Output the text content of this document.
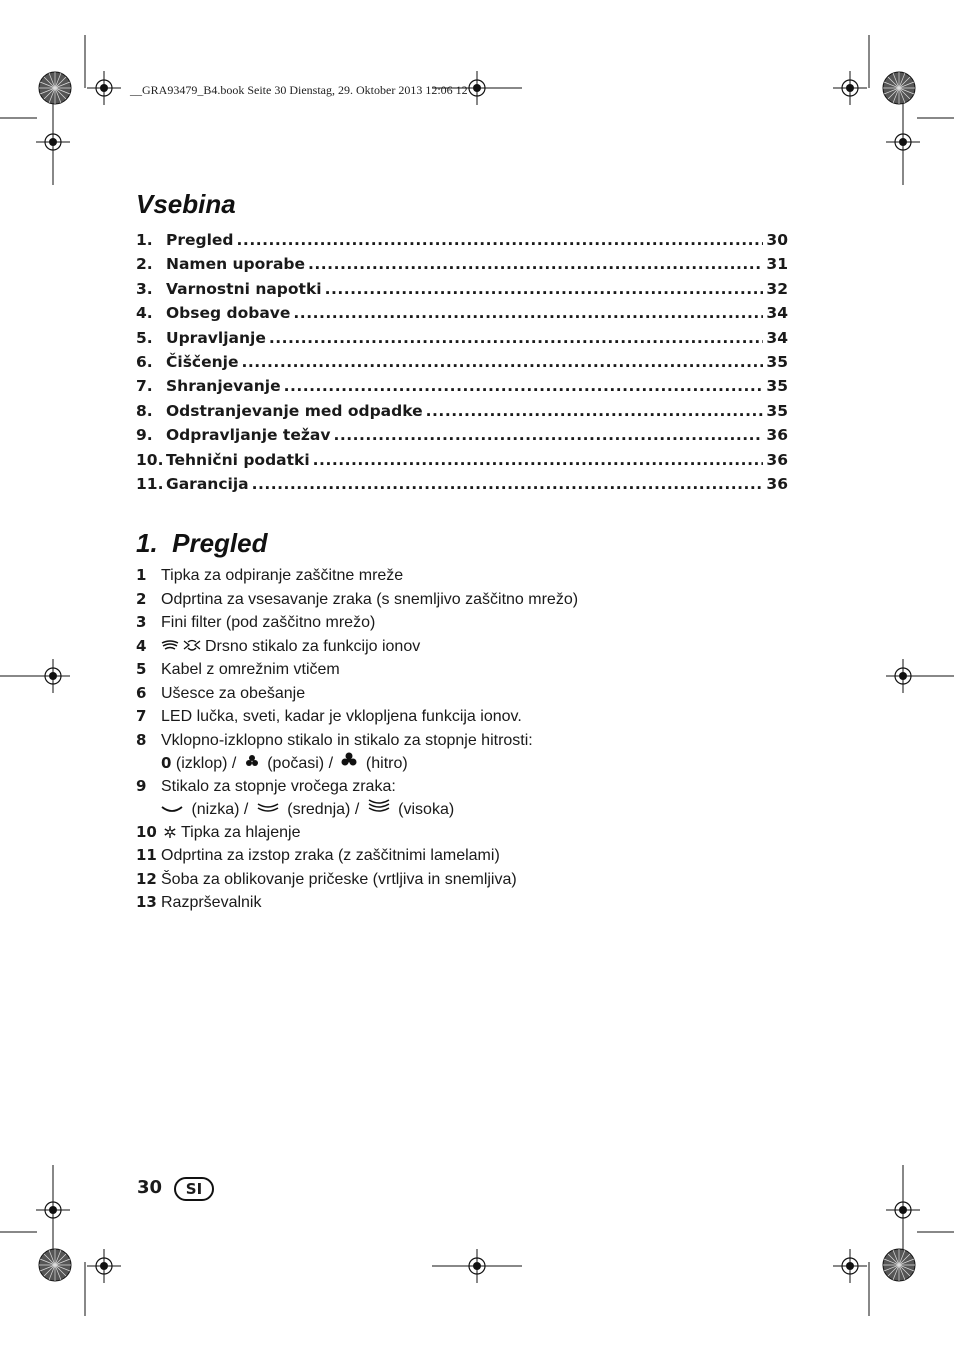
__GRA93479_B4.book Seite 30 Dienstag, 29. Oktober 2013 12:06 12
Vsebina
1. Pregled .....	30
2. Namen uporabe .....	31
3. Varnostni napotki .....	32
4. Obseg dobave .....	34
5. Upravljanje .....	34
6. Čiščenje .....	35
7. Shranjevanje .....	35
8. Odstranjevanje med odpadke .....	35
9. Odpravljanje težav .....	36
10. Tehnični podatki .....	36
11. Garancija .....	36
1.  Pregled
1 Tipka za odpiranje zaščitne mreže
2 Odprtina za vsesavanje zraka (s snemljivo zaščitno mrežo)
3 Fini filter (pod zaščitno mrežo)
4	Drsno stikalo za funkcijo ionov
5 Kabel z omrežnim vtičem
6 Ušesce za obešanje
7 LED lučka, sveti, kadar je vklopljena funkcija ionov.
8 Vklopno-izklopno stikalo in stikalo za stopnje hitrosti:
0 (izklop) / (počasi) / (hitro)
9 Stikalo za stopnje vročega zraka:
(nizka) / (srednja) / (visoka)
10	Tipka za hlajenje
11 Odprtina za izstop zraka (z zaščitnimi lamelami)
12 Šoba za oblikovanje pričeske (vrtljiva in snemljiva)
13 Razprševalnik
30	SI
